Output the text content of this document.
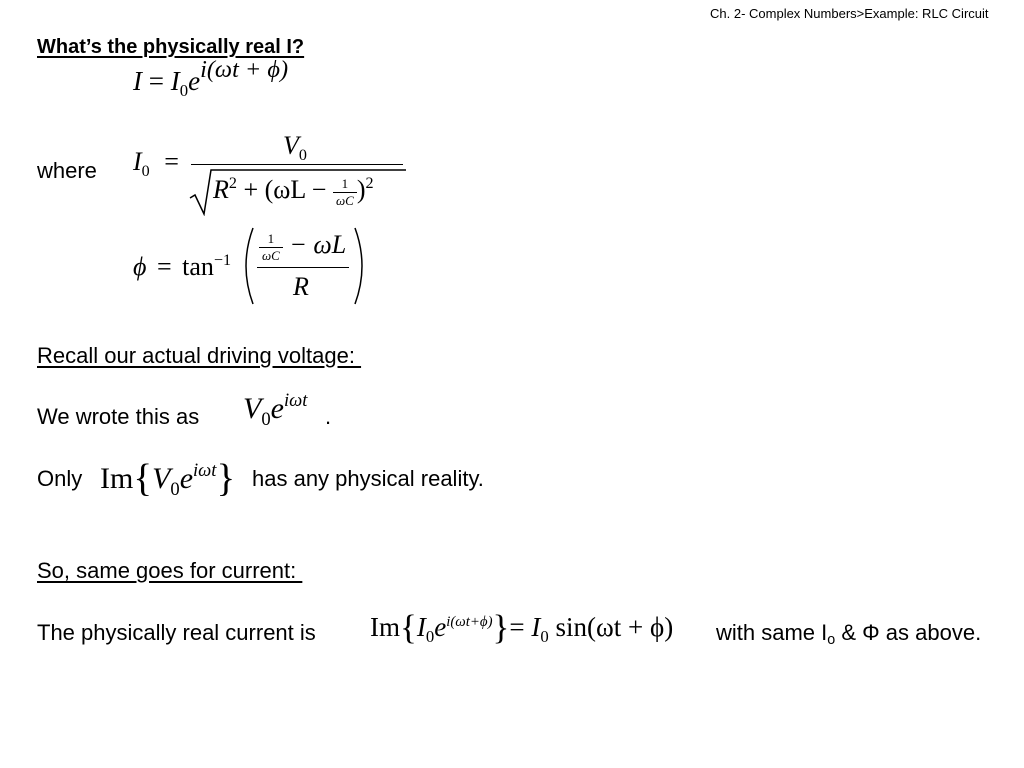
Ch. 2- Complex Numbers>Example: RLC Circuit
What’s the physically real I?
$I = I_0ei(\omega t + \phi)$
where $I_0$ =
$V_0$
$R^2 + (\omega L - \frac{1}{\omega C} )^2$
$\phi = \tan^{-1} \frac{1}{\omega C} - \omega L$
R
Recall our actual driving voltage:
We wrote this as $V_0e^{i\omega t}$
.
Only $Im\{V_0e^{i\omega t}\}$ has any physical reality.
So, same goes for current:
The physically real current is $Im\{I_0e^{i(\omega t+\phi)}\}= I_0$ sin(ωt + ϕ) with same Io & Φ as above.
